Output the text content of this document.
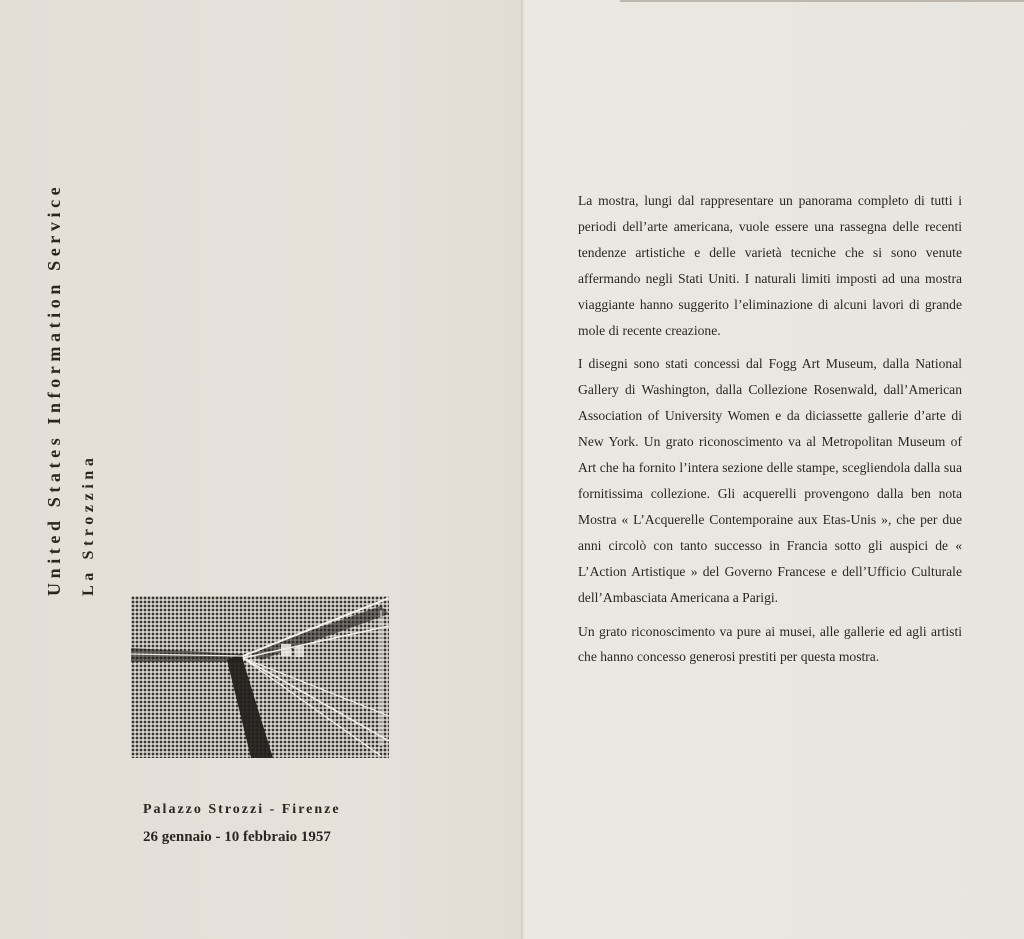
United States Information Service La Strozzina
Palazzo Strozzi - Firenze
26 gennaio - 10 febbraio 1957

La mostra, lungi dal rappresentare un panorama completo di tutti i periodi dell’arte americana, vuole essere una rassegna delle recenti tendenze artistiche e delle varietà tecniche che si sono venute affermando negli Stati Uniti. I naturali limiti imposti ad una mostra viaggiante hanno suggerito l’eliminazione di alcuni lavori di grande mole di recente creazione.

I disegni sono stati concessi dal Fogg Art Museum, dalla National Gallery di Washington, dalla Collezione Rosenwald, dall’American Association of University Women e da diciassette gallerie d’arte di New York. Un grato riconoscimento va al Metropolitan Museum of Art che ha fornito l’intera sezione delle stampe, scegliendola dalla sua fornitissima collezione. Gli acquerelli provengono dalla ben nota Mostra « L’Acquerelle Contemporaine aux Etas-Unis », che per due anni circolò con tanto successo in Francia sotto gli auspici de « L’Action Artistique » del Governo Francese e dell’Ufficio Culturale dell’Ambasciata Americana a Parigi.

Un grato riconoscimento va pure ai musei, alle gallerie ed agli artisti che hanno concesso generosi prestiti per questa mostra.
